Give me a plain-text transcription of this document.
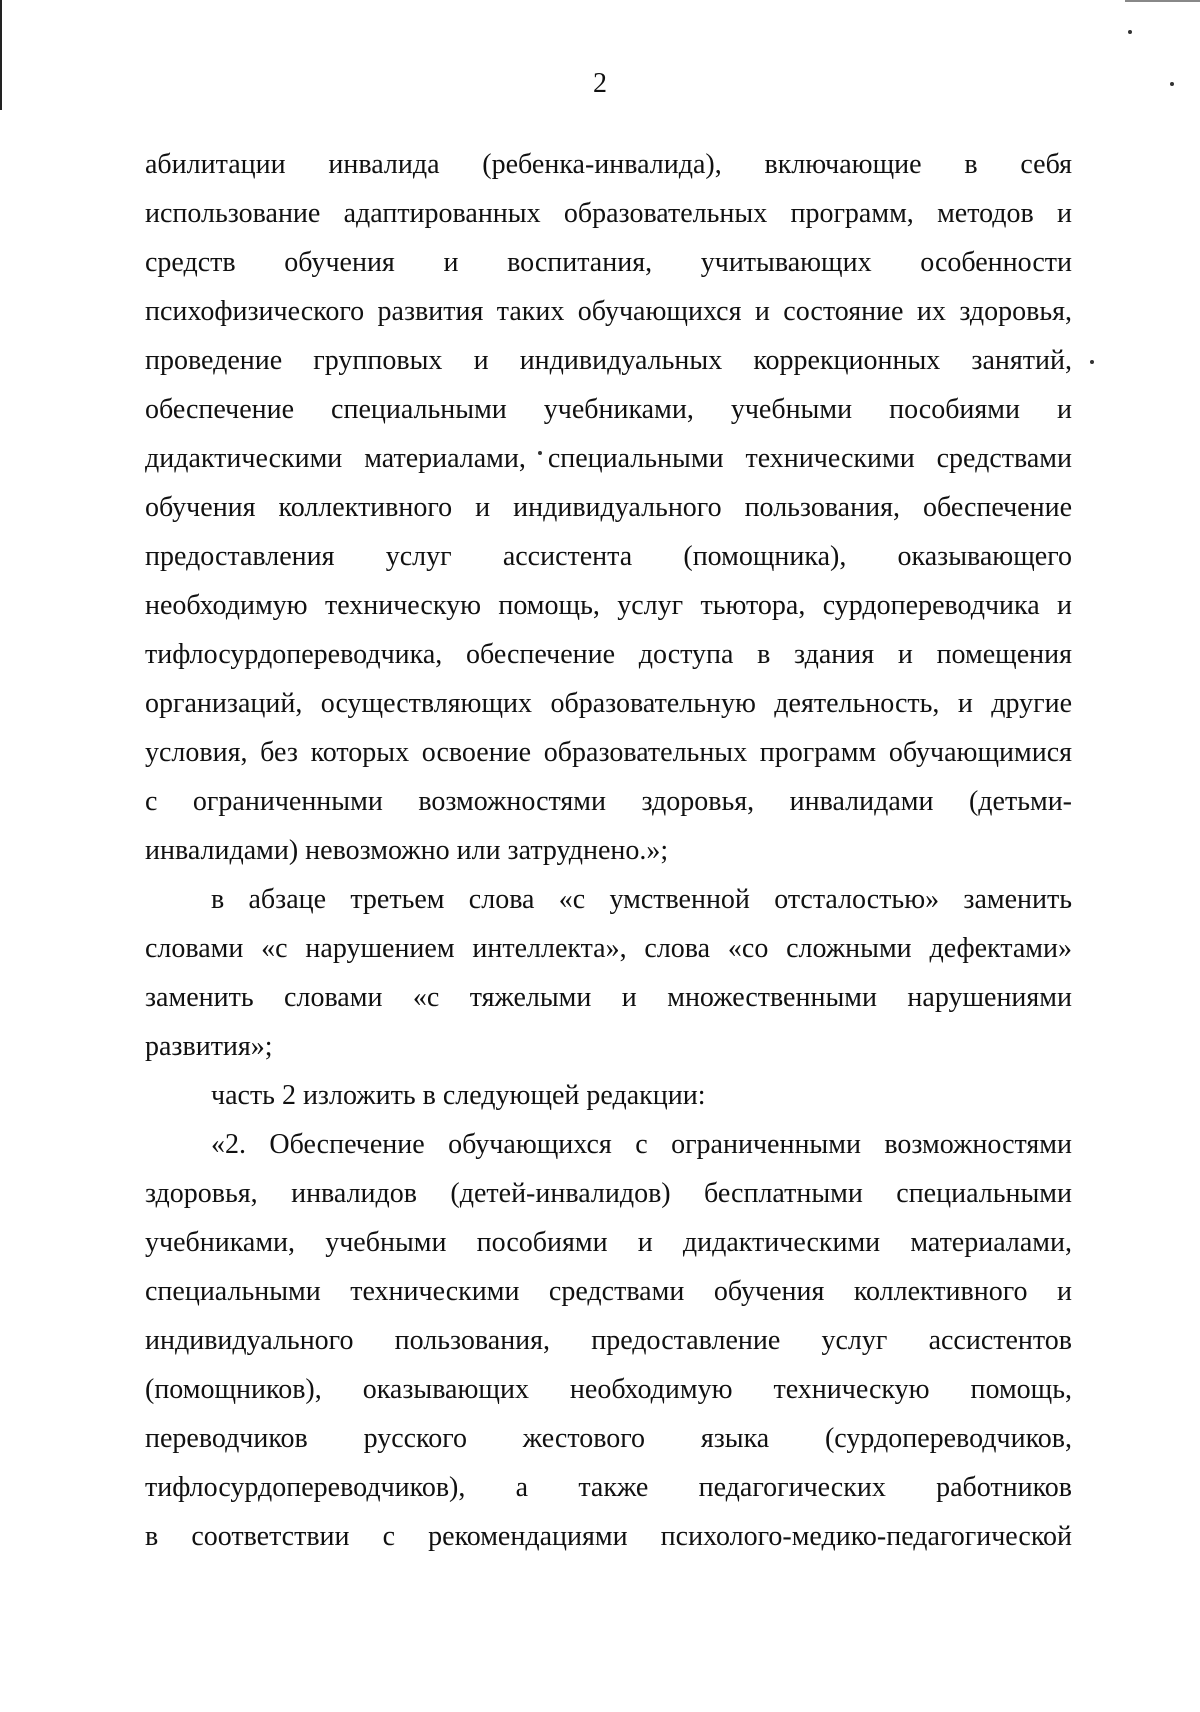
2
абилитации инвалида (ребенка-инвалида), включающие в себя
использование адаптированных образовательных программ, методов и
средств обучения и воспитания, учитывающих особенности
психофизического развития таких обучающихся и состояние их здоровья,
проведение групповых и индивидуальных коррекционных занятий,
обеспечение специальными учебниками, учебными пособиями и
дидактическими материалами, специальными техническими средствами
обучения коллективного и индивидуального пользования, обеспечение
предоставления услуг ассистента (помощника), оказывающего
необходимую техническую помощь, услуг тьютора, сурдопереводчика и
тифлосурдопереводчика, обеспечение доступа в здания и помещения
организаций, осуществляющих образовательную деятельность, и другие
условия, без которых освоение образовательных программ обучающимися
с ограниченными возможностями здоровья, инвалидами (детьми-
инвалидами) невозможно или затруднено.»;
в абзаце третьем слова «с умственной отсталостью» заменить
словами «с нарушением интеллекта», слова «со сложными дефектами»
заменить словами «с тяжелыми и множественными нарушениями
развития»;
часть 2 изложить в следующей редакции:
«2. Обеспечение обучающихся с ограниченными возможностями
здоровья, инвалидов (детей-инвалидов) бесплатными специальными
учебниками, учебными пособиями и дидактическими материалами,
специальными техническими средствами обучения коллективного и
индивидуального пользования, предоставление услуг ассистентов
(помощников), оказывающих необходимую техническую помощь,
переводчиков русского жестового языка (сурдопереводчиков,
тифлосурдопереводчиков), а также педагогических работников
в соответствии с рекомендациями психолого-медико-педагогической
